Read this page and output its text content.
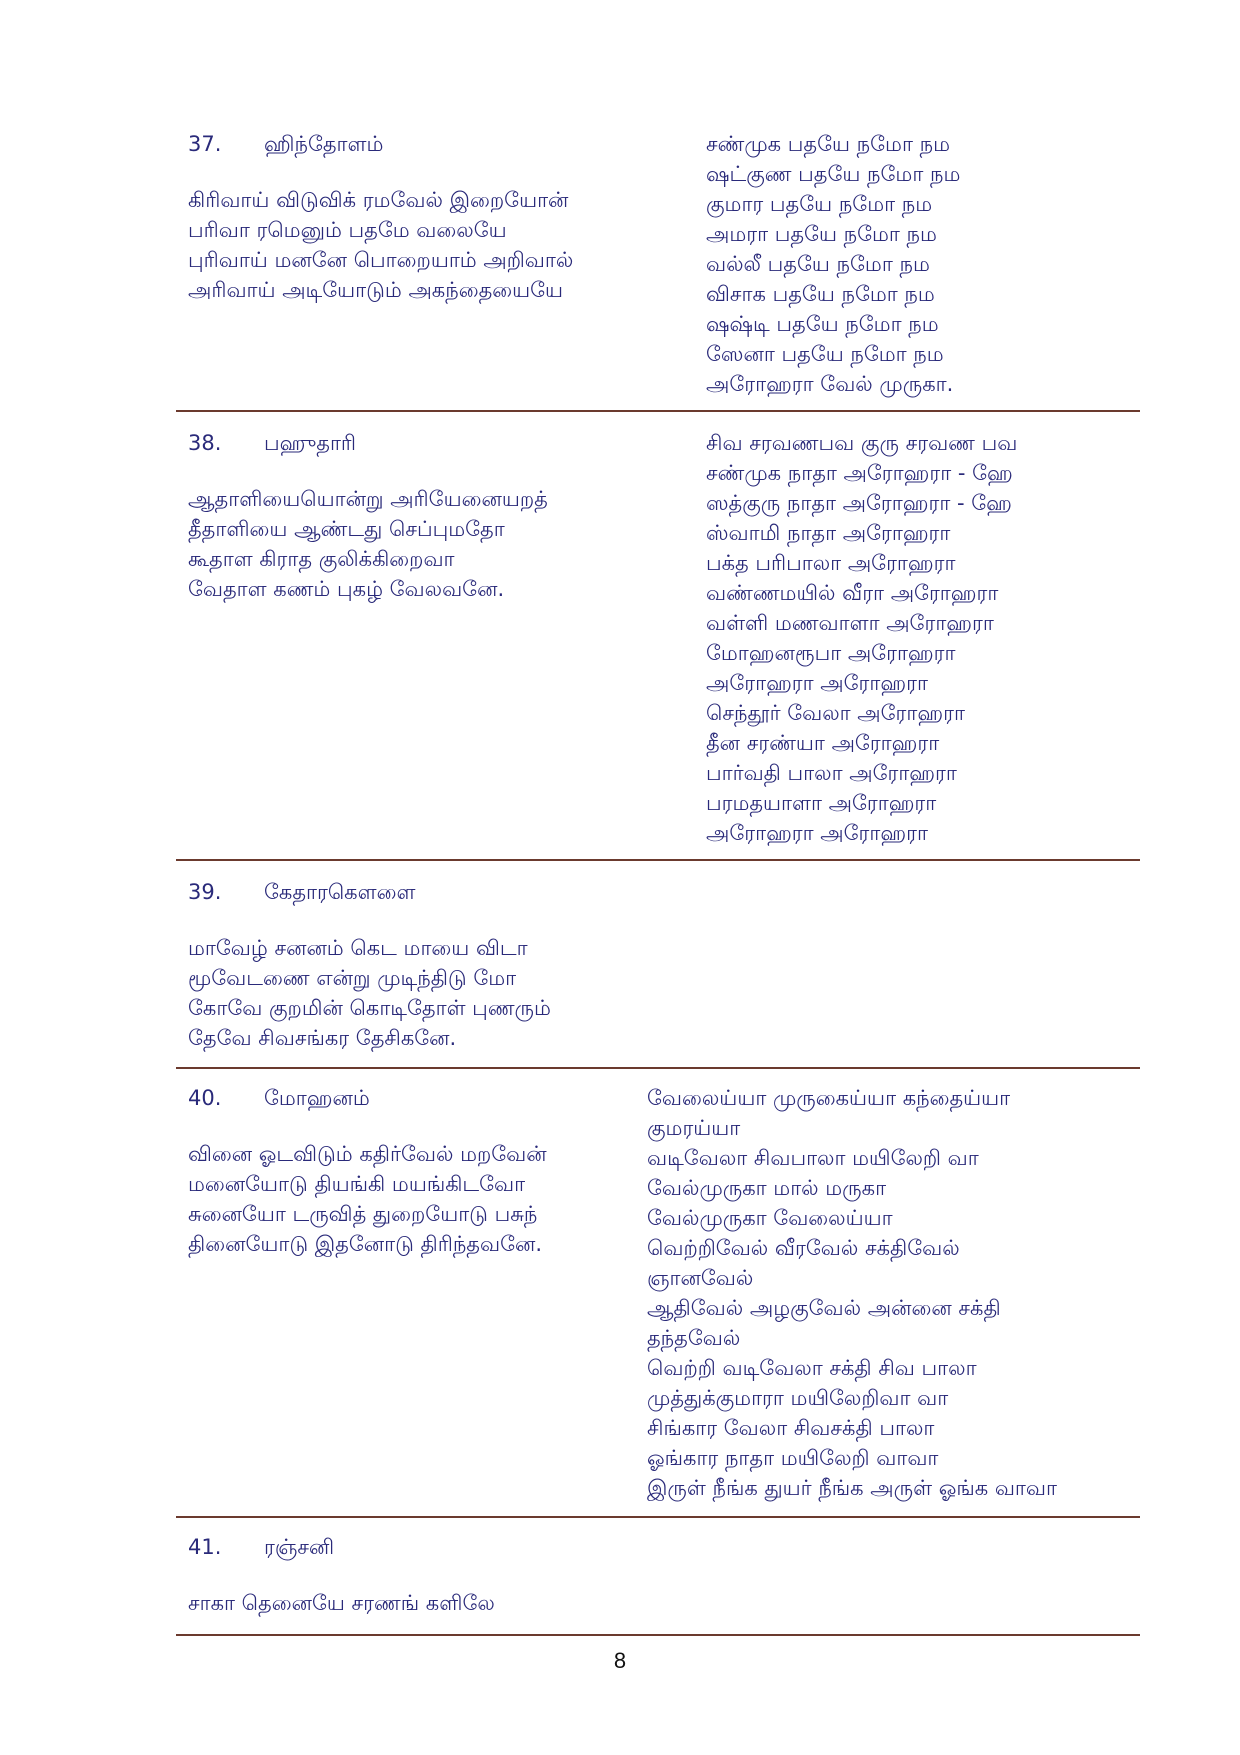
37. ஹிந்தோளம்
கிரிவாய் விடுவிக் ரமவேல் இறையோன்
பரிவா ரமெனும் பதமே வலையே
புரிவாய் மனனே பொறையாம் அறிவால்
அரிவாய் அடியோடும் அகந்தையையே
சண்முக பதயே நமோ நம
ஷட்குண பதயே நமோ நம
குமார பதயே நமோ நம
அமரா பதயே நமோ நம
வல்லீ பதயே நமோ நம
விசாக பதயே நமோ நம
ஷஷ்டி பதயே நமோ நம
ஸேனா பதயே நமோ நம
அரோஹரா வேல் முருகா.
38. பஹுதாரி
ஆதாளியையொன்று அரியேனையறத்
தீதாளியை ஆண்டது செப்புமதோ
கூதாள கிராத குலிக்கிறைவா
வேதாள கணம் புகழ் வேலவனே.
சிவ சரவணபவ குரு சரவண பவ
சண்முக நாதா அரோஹரா - ஹே
ஸத்குரு நாதா அரோஹரா - ஹே
ஸ்வாமி நாதா அரோஹரா
பக்த பரிபாலா அரோஹரா
வண்ணமயில் வீரா அரோஹரா
வள்ளி மணவாளா அரோஹரா
மோஹனரூபா அரோஹரா
அரோஹரா அரோஹரா
செந்தூர் வேலா அரோஹரா
தீன சரண்யா அரோஹரா
பார்வதி பாலா அரோஹரா
பரமதயாளா அரோஹரா
அரோஹரா அரோஹரா
39. கேதாரகௌளை
மாவேழ் சனனம் கெட மாயை விடா
மூவேடணை என்று முடிந்திடு மோ
கோவே குறமின் கொடிதோள் புணரும்
தேவே சிவசங்கர தேசிகனே.
40. மோஹனம்
வினை ஓடவிடும் கதிர்வேல் மறவேன்
மனையோடு தியங்கி மயங்கிடவோ
சுனையோ டருவித் துறையோடு பசுந்
தினையோடு இதனோடு திரிந்தவனே.
வேலைய்யா முருகைய்யா கந்தைய்யா
குமரய்யா
வடிவேலா சிவபாலா மயிலேறி வா
வேல்முருகா மால் மருகா
வேல்முருகா வேலைய்யா
வெற்றிவேல் வீரவேல் சக்திவேல்
ஞானவேல்
ஆதிவேல் அழகுவேல் அன்னை சக்தி
தந்தவேல்
வெற்றி வடிவேலா சக்தி சிவ பாலா
முத்துக்குமாரா மயிலேறிவா வா
சிங்கார வேலா சிவசக்தி பாலா
ஓங்கார நாதா மயிலேறி வாவா
இருள் நீங்க துயர் நீங்க அருள் ஓங்க வாவா
41. ரஞ்சனி
சாகா தெனையே சரணங் களிலே
8
